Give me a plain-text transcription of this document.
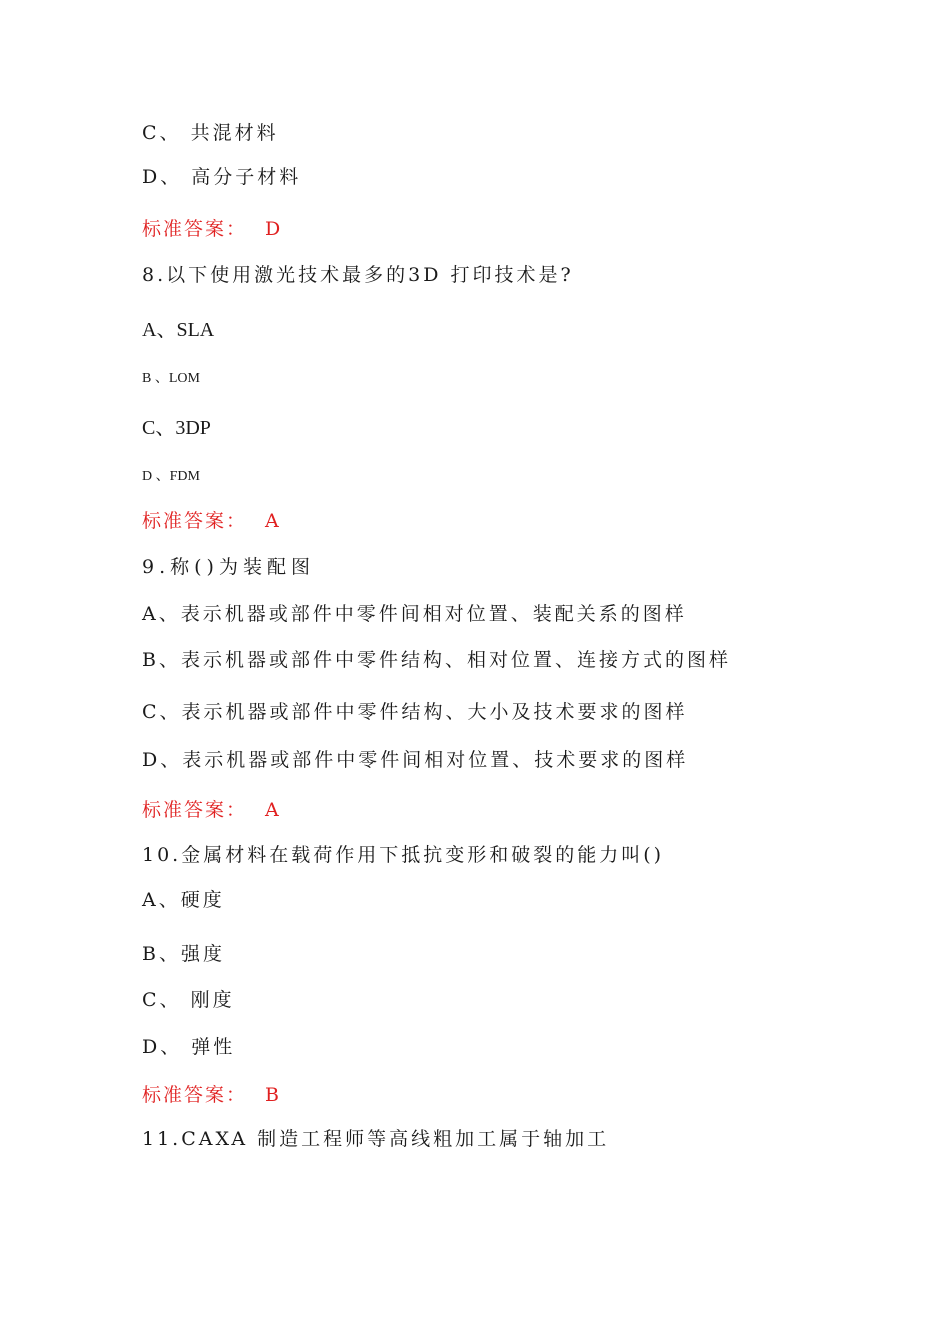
C、 共混材料
D、 高分子材料
标准答案： D
8.以下使用激光技术最多的3D 打印技术是?
A、SLA
B 、LOM
C、3DP
D 、FDM
标准答案： A
9.称()为装配图
A、表示机器或部件中零件间相对位置、装配关系的图样
B、表示机器或部件中零件结构、相对位置、连接方式的图样
C、表示机器或部件中零件结构、大小及技术要求的图样
D、表示机器或部件中零件间相对位置、技术要求的图样
标准答案： A
10.金属材料在载荷作用下抵抗变形和破裂的能力叫()
A、硬度
B、强度
C、 刚度
D、 弹性
标准答案： B
11.CAXA 制造工程师等高线粗加工属于轴加工
